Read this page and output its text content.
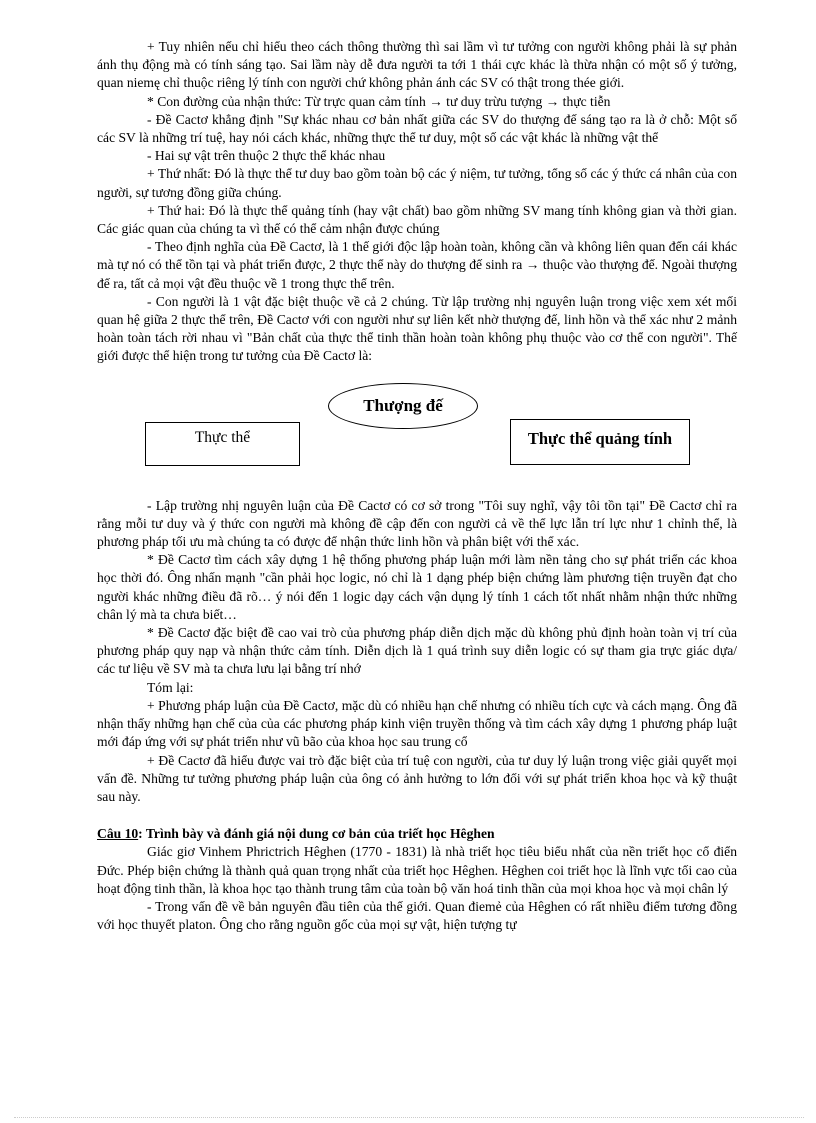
+ Tuy nhiên nếu chỉ hiểu theo cách thông thường thì sai lầm vì tư tưởng con người không phải là sự phản ánh thụ động mà có tính sáng tạo. Sai lầm này dễ đưa người ta tới 1 thái cực khác là thừa nhận có một số ý tưởng, quan niemę chỉ thuộc riêng lý tính con người chứ không phản ánh các SV có thật trong thée giới.

* Con đường của nhận thức: Từ trực quan cảm tính → tư duy trừu tượng → thực tiễn

- Đề Cactơ khẳng định "Sự khác nhau cơ bản nhất giữa các SV do thượng đế sáng tạo ra là ở chỗ: Một số các SV là những trí tuệ, hay nói cách khác, những thực thể tư duy, một số các vật khác là những vật thể

- Hai sự vật trên thuộc 2 thực thể khác nhau

+ Thứ nhất: Đó là thực thể tư duy bao gồm toàn bộ các ý niệm, tư tưởng, tổng số các ý thức cá nhân của con người, sự tương đồng giữa chúng.

+ Thứ hai: Đó là thực thể quảng tính (hay vật chất) bao gồm những SV mang tính không gian và thời gian. Các giác quan của chúng ta vì thế có thể cảm nhận được chúng

- Theo định nghĩa của Đề Cactơ, là 1 thế giới độc lập hoàn toàn, không cần và không liên quan đến cái khác mà tự nó có thể tồn tại và phát triển được, 2 thực thể này do thượng đế sinh ra → thuộc vào thượng đế. Ngoài thượng đế ra, tất cả mọi vật đều thuộc về 1 trong thực thể trên.

- Con người là 1 vật đặc biệt thuộc về cả 2 chúng. Từ lập trường nhị nguyên luận trong việc xem xét mối quan hệ giữa 2 thực thể trên, Đề Cactơ với con người như sự liên kết nhờ thượng đế, linh hồn và thể xác như 2 mảnh hoàn toàn tách rời nhau vì "Bản chất của thực thể tinh thần hoàn toàn không phụ thuộc vào cơ thể con người". Thế giới được thể hiện trong tư tưởng của Đề Cactơ là:

Thượng đế
Thực thể	Thực thể quảng tính

- Lập trường nhị nguyên luận của Đề Cactơ có cơ sở trong "Tôi suy nghĩ, vậy tôi tồn tại" Đề Cactơ chỉ ra rằng mỗi tư duy và ý thức con người mà không đề cập đến con người cả về thể lực lẫn trí lực như 1 chỉnh thể, là phương pháp tối ưu mà chúng ta có được để nhận thức linh hồn và phân biệt với thể xác.

* Đề Cactơ tìm cách xây dựng 1 hệ thống phương pháp luận mới làm nền tảng cho sự phát triển các khoa học thời đó. Ông nhấn mạnh "cần phải học logic, nó chỉ là 1 dạng phép biện chứng làm phương tiện truyền đạt cho người khác những điều đã rõ… ý nói đến 1 logic dạy cách vận dụng lý tính 1 cách tốt nhất nhằm nhận thức những chân lý mà ta chưa biết…

* Đề Cactơ đặc biệt đề cao vai trò của phương pháp diễn dịch mặc dù không phủ định hoàn toàn vị trí của phương pháp quy nạp và nhận thức cảm tính. Diễn dịch là 1 quá trình suy diễn logic có sự tham gia trực giác dựa/ các tư liệu về SV mà ta chưa lưu lại bằng trí nhớ

Tóm lại:

+ Phương pháp luận của Đề Cactơ, mặc dù có nhiều hạn chế nhưng có nhiều tích cực và cách mạng. Ông đã nhận thấy những hạn chế của của các phương pháp kinh viện truyền thống và tìm cách xây dựng 1 phương pháp luật mới đáp ứng với sự phát triển như vũ bão của khoa học sau trung cổ

+ Đề Cactơ đã hiểu được vai trò đặc biệt của trí tuệ con người, của tư duy lý luận trong việc giải quyết mọi vấn đề. Những tư tưởng phương pháp luận của ông có ảnh hưởng to lớn đối với sự phát triển khoa học và kỹ thuật sau này.

Câu 10: Trình bày và đánh giá nội dung cơ bản của triết học Hêghen

Giác giơ Vinhem Phrictrich Hêghen (1770 - 1831) là nhà triết học tiêu biểu nhất của nền triết học cổ điển Đức. Phép biện chứng là thành quả quan trọng nhất của triết học Hêghen. Hêghen coi triết học là lĩnh vực tối cao của hoạt động tinh thần, là khoa học tạo thành trung tâm của toàn bộ văn hoá tinh thần của mọi khoa học và mọi chân lý

- Trong vấn đề về bản nguyên đầu tiên của thế giới. Quan điemẻ của Hêghen có rất nhiều điểm tương đồng với học thuyết platon. Ông cho rằng nguồn gốc của mọi sự vật, hiện tượng tự
